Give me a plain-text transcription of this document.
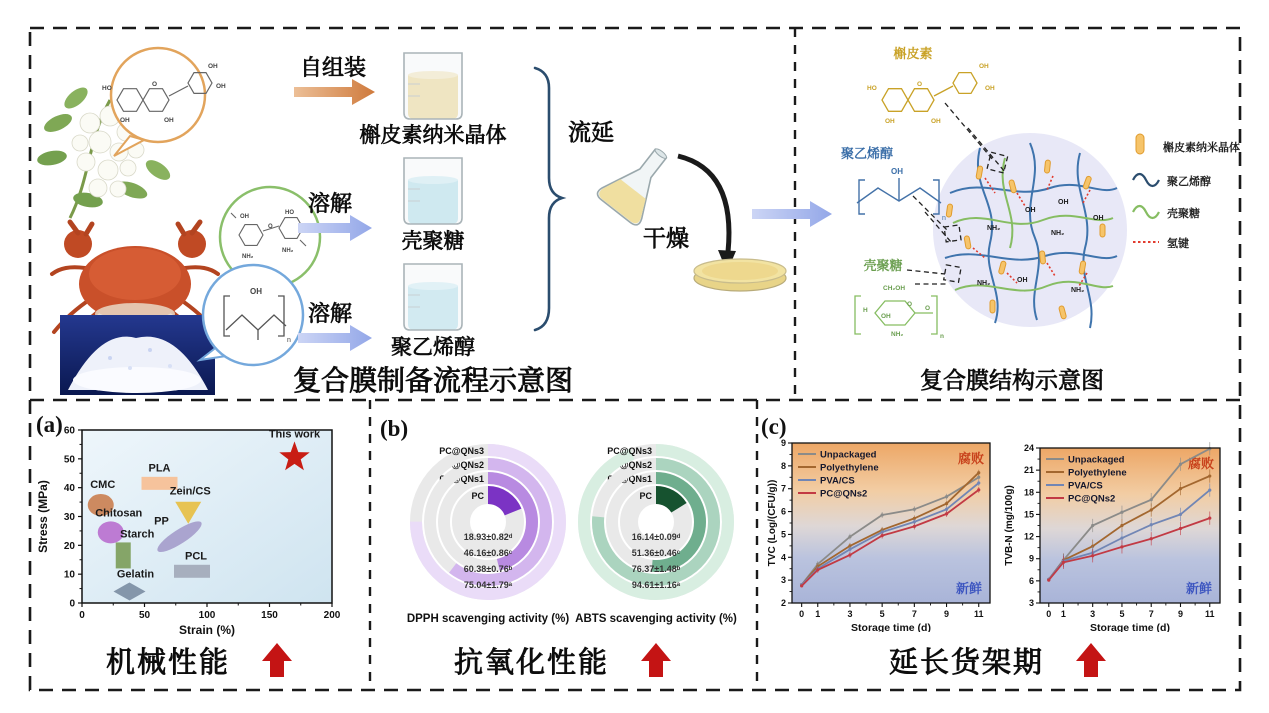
HO
OH	OH
O
OH
OH
OH
HO
O
NH₂
NH₂
OH
n
自组装
溶解
溶解
槲皮素纳米晶体
壳聚糖
聚乙烯醇
流延
干燥
复合膜制备流程示意图
OH
OH
OH
OH
NH₂
NH₂
NH₂
NH₂
槲皮素
HO
OH	OH
O
OH
OH
聚乙烯醇
OH
n
壳聚糖
CH₂OH
O
OH
NH₂
H	O
n
槲皮素纳米晶体
聚乙烯醇
壳聚糖
氢键
复合膜结构示意图
(a)	(b)	(c)
0	50	100	150	200
0
10
20
30
40
50
60
Strain (%)
Stress (MPa)	CMC
Chitosan
Starch
Gelatin
PLA
Zein/CS
PP
PCL
This work
PC
18.93±0.82ᵈ
PC@QNs1
46.16±0.86ᶜ
PC@QNs2
60.38±0.76ᵇ
PC@QNs3
75.04±1.79ᵃ
DPPH scavenging activity (%)
PC
16.14±0.09ᵈ
PC@QNs1
51.36±0.46ᶜ
PC@QNs2
76.37±1.48ᵇ
PC@QNs3
94.61±1.16ᵃ
ABTS scavenging activity (%)
腐败
新鲜
Unpackaged
Polyethylene
PVA/CS
PC@QNs2
0 1	3	5	7	9	11
2
3
4
5
6
7
8
9
Storage time (d)
TVC (Log/(CFU/g))
腐败
新鲜
Unpackaged
Polyethylene
PVA/CS
PC@QNs2
0 1	3	5	7	9 11
3
6
9
12
15
18
21
24
Storage time (d)
TVB-N (mg/100g)
机械性能	抗氧化性能	延长货架期
